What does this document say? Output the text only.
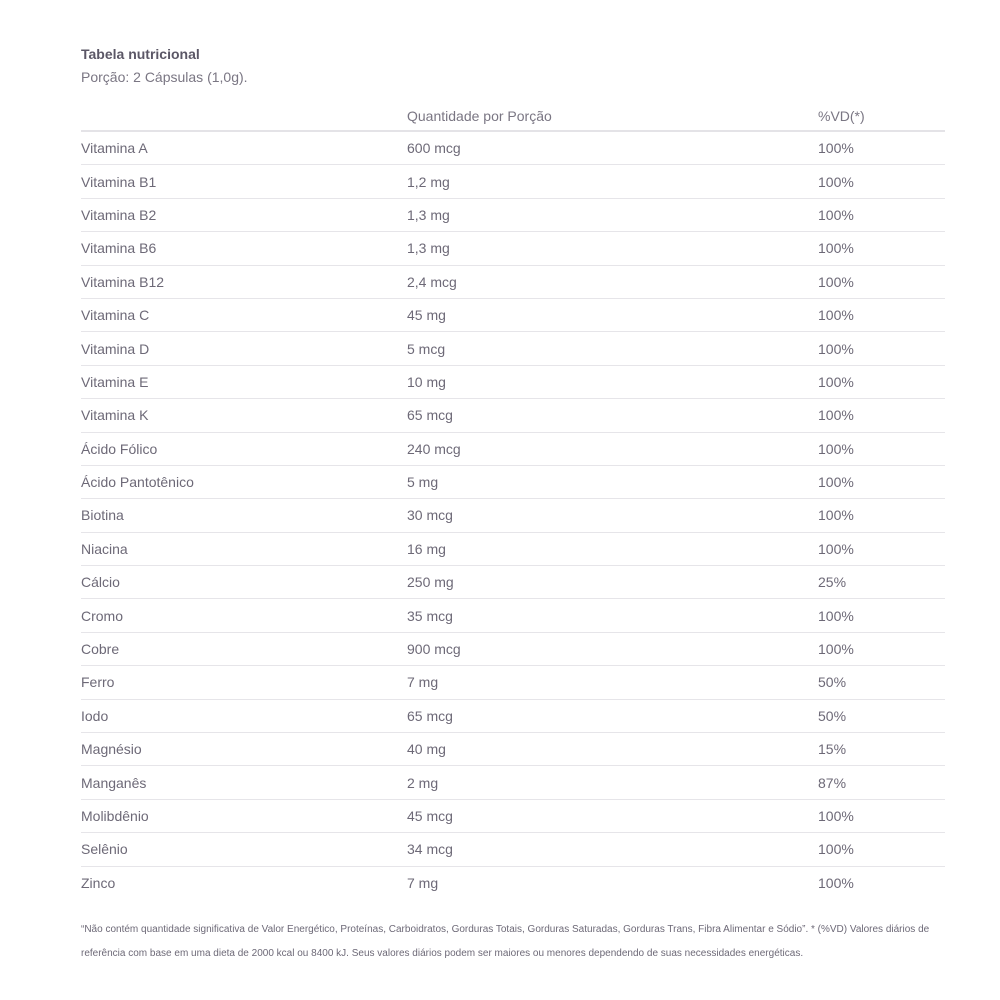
Tabela nutricional

Porção: 2 Cápsulas (1,0g).

	Quantidade por Porção	%VD(*)
Vitamina A	600 mcg	100%
Vitamina B1	1,2 mg	100%
Vitamina B2	1,3 mg	100%
Vitamina B6	1,3 mg	100%
Vitamina B12	2,4 mcg	100%
Vitamina C	45 mg	100%
Vitamina D	5 mcg	100%
Vitamina E	10 mg	100%
Vitamina K	65 mcg	100%
Ácido Fólico	240 mcg	100%
Ácido Pantotênico	5 mg	100%
Biotina	30 mcg	100%
Niacina	16 mg	100%
Cálcio	250 mg	25%
Cromo	35 mcg	100%
Cobre	900 mcg	100%
Ferro	7 mg	50%
Iodo	65 mcg	50%
Magnésio	40 mg	15%
Manganês	2 mg	87%
Molibdênio	45 mcg	100%
Selênio	34 mcg	100%
Zinco	7 mg	100%

“Não contém quantidade significativa de Valor Energético, Proteínas, Carboidratos, Gorduras Totais, Gorduras Saturadas, Gorduras Trans, Fibra Alimentar e Sódio”. * (%VD) Valores diários de referência com base em uma dieta de 2000 kcal ou 8400 kJ. Seus valores diários podem ser maiores ou menores dependendo de suas necessidades energéticas.
